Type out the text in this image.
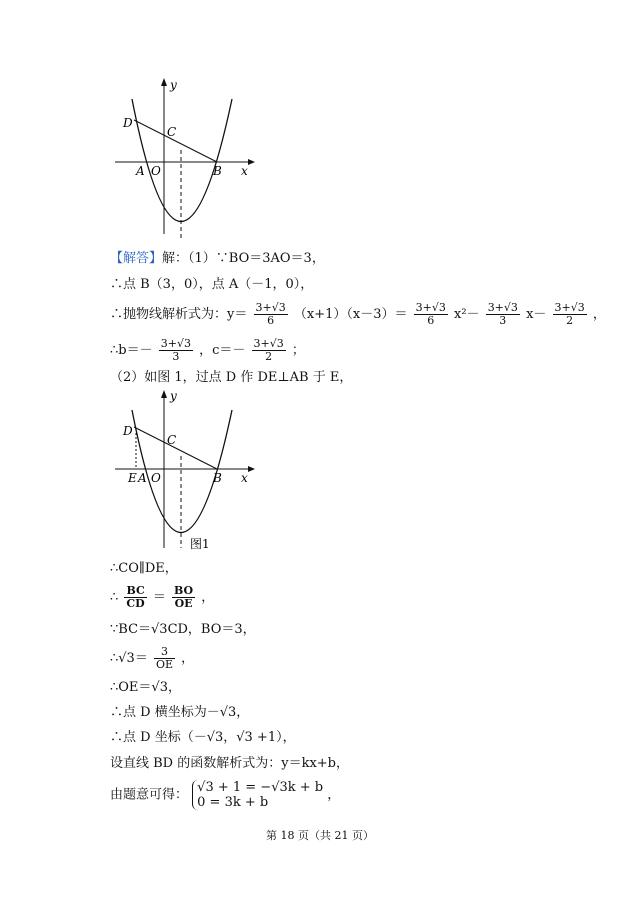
y
x
D
C
A O	B
【解答】解：（1）∵BO＝3AO＝3，
∴点 B（3，0），点 A（－1，0），
∴抛物线解析式为：$y= \frac{3+√3}{6} (x+1)(x-3)= \frac{3+√3}{6} x^2- \frac{3+√3}{3} x- \frac{3+√3}{2}$ ，
∴b＝－ $\frac{3+√3}{3}$ ，$c=- \frac{3+√3}{2}$ ；
（2）如图 1，过点 D 作 DE⊥AB 于 E，
y
x
D
C
E A O	B
图1
∴CO∥DE，
∴ $\frac{BC}{CD} = \frac{BO}{OE}$ ，
∵BC＝√3CD，BO＝3，
∴√3＝ $\frac{3}{OE}$ ，
∴OE＝√3，
∴点 D 横坐标为－√3，
∴点 D 坐标（－√3，√3 +1），
设直线 BD 的函数解析式为：y＝kx+b，
由题意可得： √3 + 1 = −√3k + b
0 = 3k + b	，
第 18 页（共 21 页）
